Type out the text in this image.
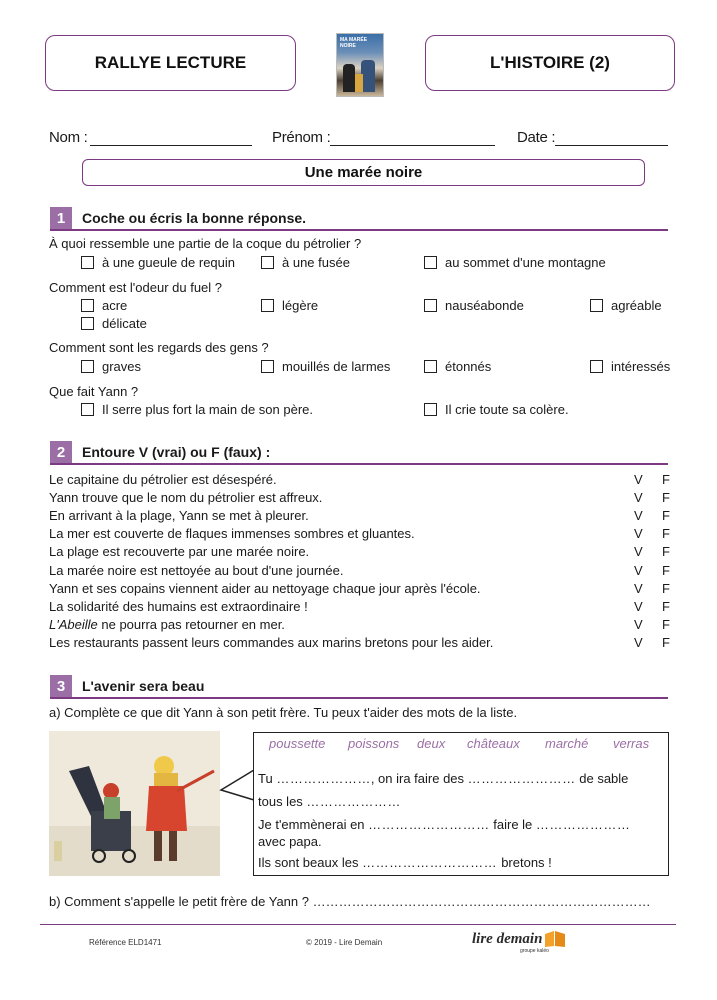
RALLYE LECTURE
MA MARÉE NOIRE
L'HISTOIRE (2)
Nom :	Prénom :	Date :
Une marée noire
1	Coche ou écris la bonne réponse.
À quoi ressemble une partie de la coque du pétrolier ?
à une gueule de requin	à une fusée	au sommet d'une montagne
Comment est l'odeur du fuel ?
acre	légère	nauséabonde	agréable
délicate
Comment sont les regards des gens ?
graves	mouillés de larmes	étonnés	intéressés
Que fait Yann ?
Il serre plus fort la main de son père.	Il crie toute sa colère.
2	Entoure V (vrai) ou F (faux) :
Le capitaine du pétrolier est désespéré.	V F
Yann trouve que le nom du pétrolier est affreux.	V F
En arrivant à la plage, Yann se met à pleurer.	V F
La mer est couverte de flaques immenses sombres et gluantes.	V F
La plage est recouverte par une marée noire.	V F
La marée noire est nettoyée au bout d'une journée.	V F
Yann et ses copains viennent aider au nettoyage chaque jour après l'école.	V F
La solidarité des humains est extraordinaire !	V F
L'Abeille ne pourra pas retourner en mer.	V F
Les restaurants passent leurs commandes aux marins bretons pour les aider.	V F
3	L'avenir sera beau
a) Complète ce que dit Yann à son petit frère. Tu peux t'aider des mots de la liste.
poussette poissons deux châteaux marché verras
Tu …………………, on ira faire des …………………… de sable
tous les …………………
Je t'emmènerai en ……………………… faire le …………………
avec papa.
Ils sont beaux les ………………………… bretons !
b) Comment s'appelle le petit frère de Yann ? ……………………………………………………………………
Référence ELD1471	© 2019 - Lire Demain	lire demain
groupe kaléo
